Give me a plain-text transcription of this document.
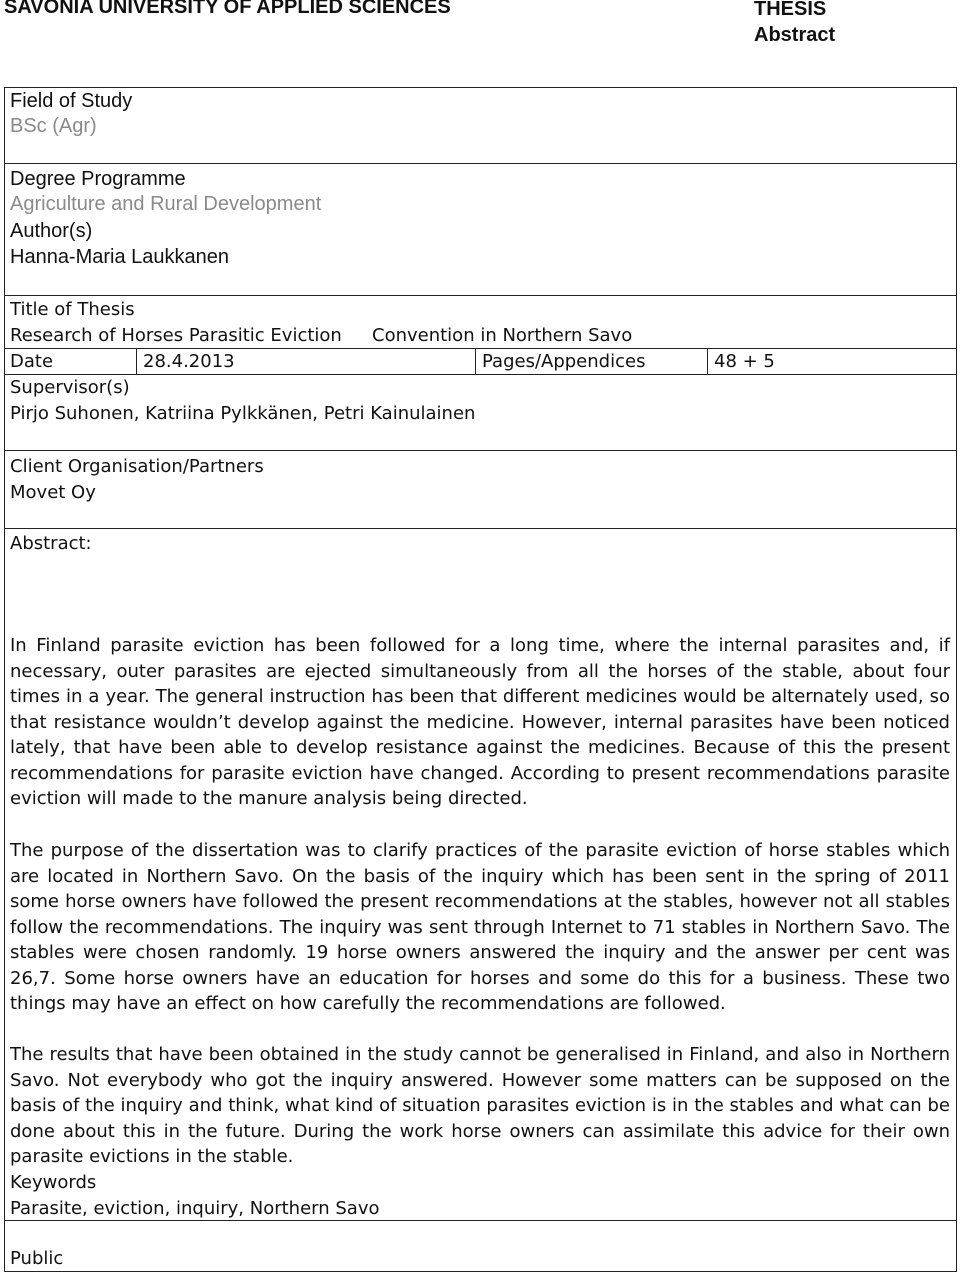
SAVONIA UNIVERSITY OF APPLIED SCIENCES	THESIS
Abstract
Field of Study
BSc (Agr)
Degree Programme
Agriculture and Rural Development
Author(s)
Hanna-Maria Laukkanen
Title of Thesis
Research of Horses Parasitic Eviction Convention in Northern Savo
Date	28.4.2013	Pages/Appendices	48 + 5
Supervisor(s)
Pirjo Suhonen, Katriina Pylkkänen, Petri Kainulainen
Client Organisation/Partners
Movet Oy
Abstract:
In Finland parasite eviction has been followed for a long time, where the internal parasites and, if necessary, outer parasites are ejected simultaneously from all the horses of the stable, about four times in a year. The general instruction has been that different medicines would be alternately used, so that resistance wouldn’t develop against the medicine. However, internal parasites have been noticed lately, that have been able to develop resistance against the medicines. Because of this the present recommendations for parasite eviction have changed. According to present recommendations parasite eviction will made to the manure analysis being directed.
The purpose of the dissertation was to clarify practices of the parasite eviction of horse stables which are located in Northern Savo. On the basis of the inquiry which has been sent in the spring of 2011 some horse owners have followed the present recommendations at the stables, however not all stables follow the recommendations. The inquiry was sent through Internet to 71 stables in Northern Savo. The stables were chosen randomly. 19 horse owners answered the inquiry and the answer per cent was 26,7. Some horse owners have an education for horses and some do this for a business. These two things may have an effect on how carefully the recommendations are followed.
The results that have been obtained in the study cannot be generalised in Finland, and also in Northern Savo. Not everybody who got the inquiry answered. However some matters can be supposed on the basis of the inquiry and think, what kind of situation parasites eviction is in the stables and what can be done about this in the future. During the work horse owners can assimilate this advice for their own parasite evictions in the stable.
Keywords
Parasite, eviction, inquiry, Northern Savo
Public
